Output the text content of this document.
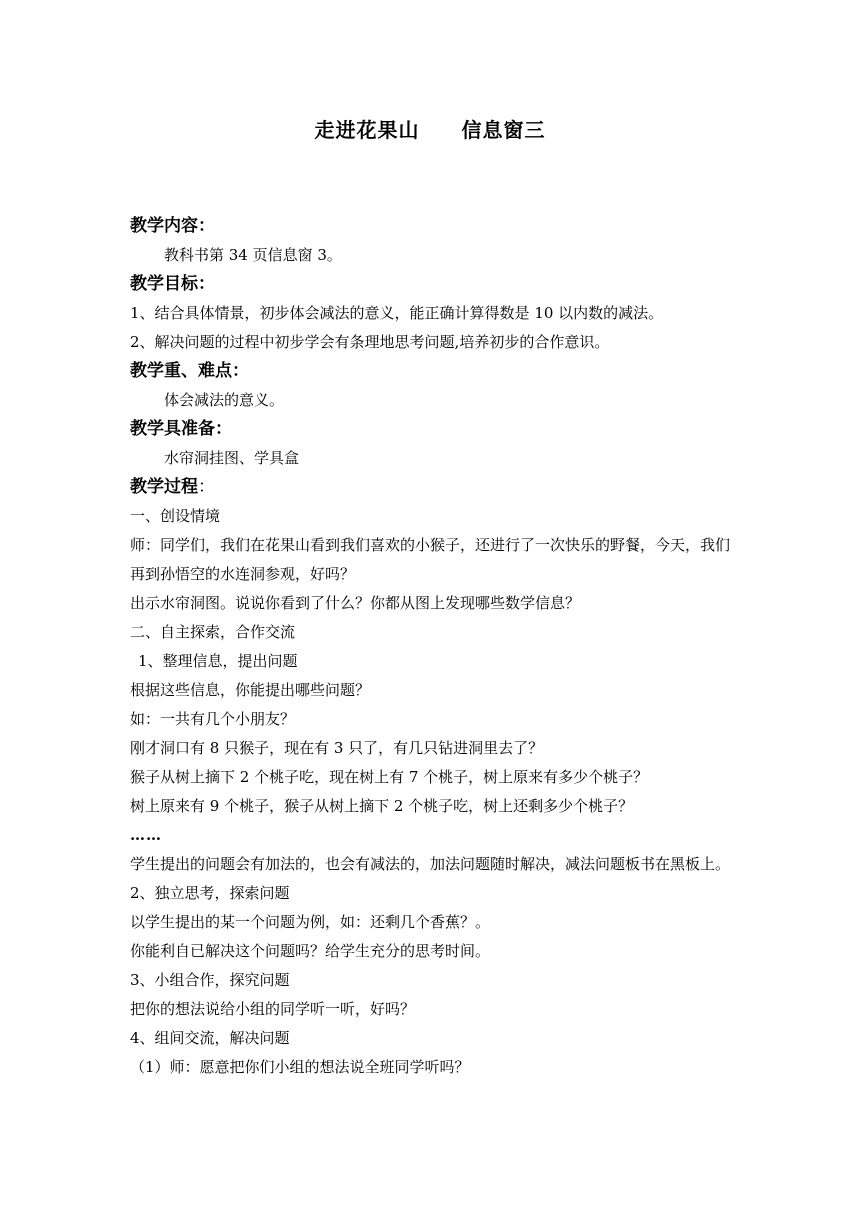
走进花果山　　信息窗三
教学内容：
教科书第 34 页信息窗 3。
教学目标：
1、结合具体情景，初步体会减法的意义，能正确计算得数是 10 以内数的减法。
2、解决问题的过程中初步学会有条理地思考问题,培养初步的合作意识。
教学重、难点：
体会减法的意义。
教学具准备：
水帘洞挂图、学具盒
教学过程：
一、创设情境
师：同学们，我们在花果山看到我们喜欢的小猴子，还进行了一次快乐的野餐，今天，我们再到孙悟空的水连洞参观，好吗？
出示水帘洞图。说说你看到了什么？你都从图上发现哪些数学信息？
二、自主探索，合作交流
1、整理信息，提出问题
根据这些信息，你能提出哪些问题？
如：一共有几个小朋友？
刚才洞口有 8 只猴子，现在有 3 只了，有几只钻进洞里去了？
猴子从树上摘下 2 个桃子吃，现在树上有 7 个桃子，树上原来有多少个桃子？
树上原来有 9 个桃子，猴子从树上摘下 2 个桃子吃，树上还剩多少个桃子？
……
学生提出的问题会有加法的，也会有减法的，加法问题随时解决，减法问题板书在黑板上。
2、独立思考，探索问题
以学生提出的某一个问题为例，如：还剩几个香蕉？。
你能利自已解决这个问题吗？给学生充分的思考时间。
3、小组合作，探究问题
把你的想法说给小组的同学听一听，好吗？
4、组间交流，解决问题
（1）师：愿意把你们小组的想法说全班同学听吗？
